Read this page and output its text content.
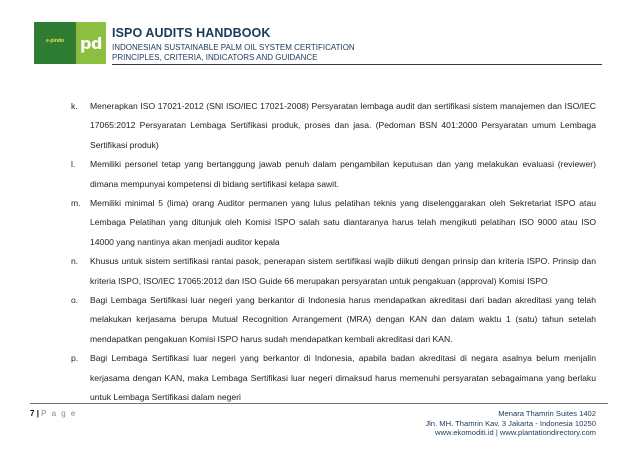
e-pindo	pd
ISPO AUDITS HANDBOOK
INDONESIAN SUSTAINABLE PALM OIL SYSTEM CERTIFICATION
PRINCIPLES, CRITERIA, INDICATORS AND GUIDANCE
k. Menerapkan ISO 17021-2012 (SNI ISO/IEC 17021-2008) Persyaratan lembaga audit dan sertifikasi sistem manajemen dan ISO/IEC 17065:2012 Persyaratan Lembaga Sertifikasi produk, proses dan jasa. (Pedoman BSN 401:2000 Persyaratan umum Lembaga Sertifikasi produk)
l. Memiliki personel tetap yang bertanggung jawab penuh dalam pengambilan keputusan dan yang melakukan evaluasi (reviewer) dimana mempunyai kompetensi di bidang sertifikasi kelapa sawit.
m. Memiliki minimal 5 (lima) orang Auditor permanen yang lulus pelatihan teknis yang diselenggarakan oleh Sekretariat ISPO atau Lembaga Pelatihan yang ditunjuk oleh Komisi ISPO salah satu diantaranya harus telah mengikuti pelatihan ISO 9000 atau ISO 14000 yang nantinya akan menjadi auditor kepala
n. Khusus untuk sistem sertifikasi rantai pasok, penerapan sistem sertifikasi wajib diikuti dengan prinsip dan kriteria ISPO. Prinsip dan kriteria ISPO, ISO/IEC 17065:2012 dan ISO Guide 66 merupakan persyaratan untuk pengakuan (approval) Komisi ISPO
o. Bagi Lembaga Sertifikasi luar negeri yang berkantor di Indonesia harus mendapatkan akreditasi dari badan akreditasi yang telah melakukan kerjasama berupa Mutual Recognition Arrangement (MRA) dengan KAN dan dalam waktu 1 (satu) tahun setelah mendapatkan pengakuan Komisi ISPO harus sudah mendapatkan kembali akreditasi dari KAN.
p. Bagi Lembaga Sertifikasi luar negeri yang berkantor di Indonesia, apabila badan akreditasi di negara asalnya belum menjalin kerjasama dengan KAN, maka Lembaga Sertifikasi luar negeri dimaksud harus memenuhi persyaratan sebagaimana yang berlaku untuk Lembaga Sertifikasi dalam negeri
7 | P a g e	Menara Thamrin Suites 1402
Jln. MH. Thamrin Kav. 3 Jakarta - Indonesia 10250
www.ekomoditi.id | www.plantationdirectory.com
